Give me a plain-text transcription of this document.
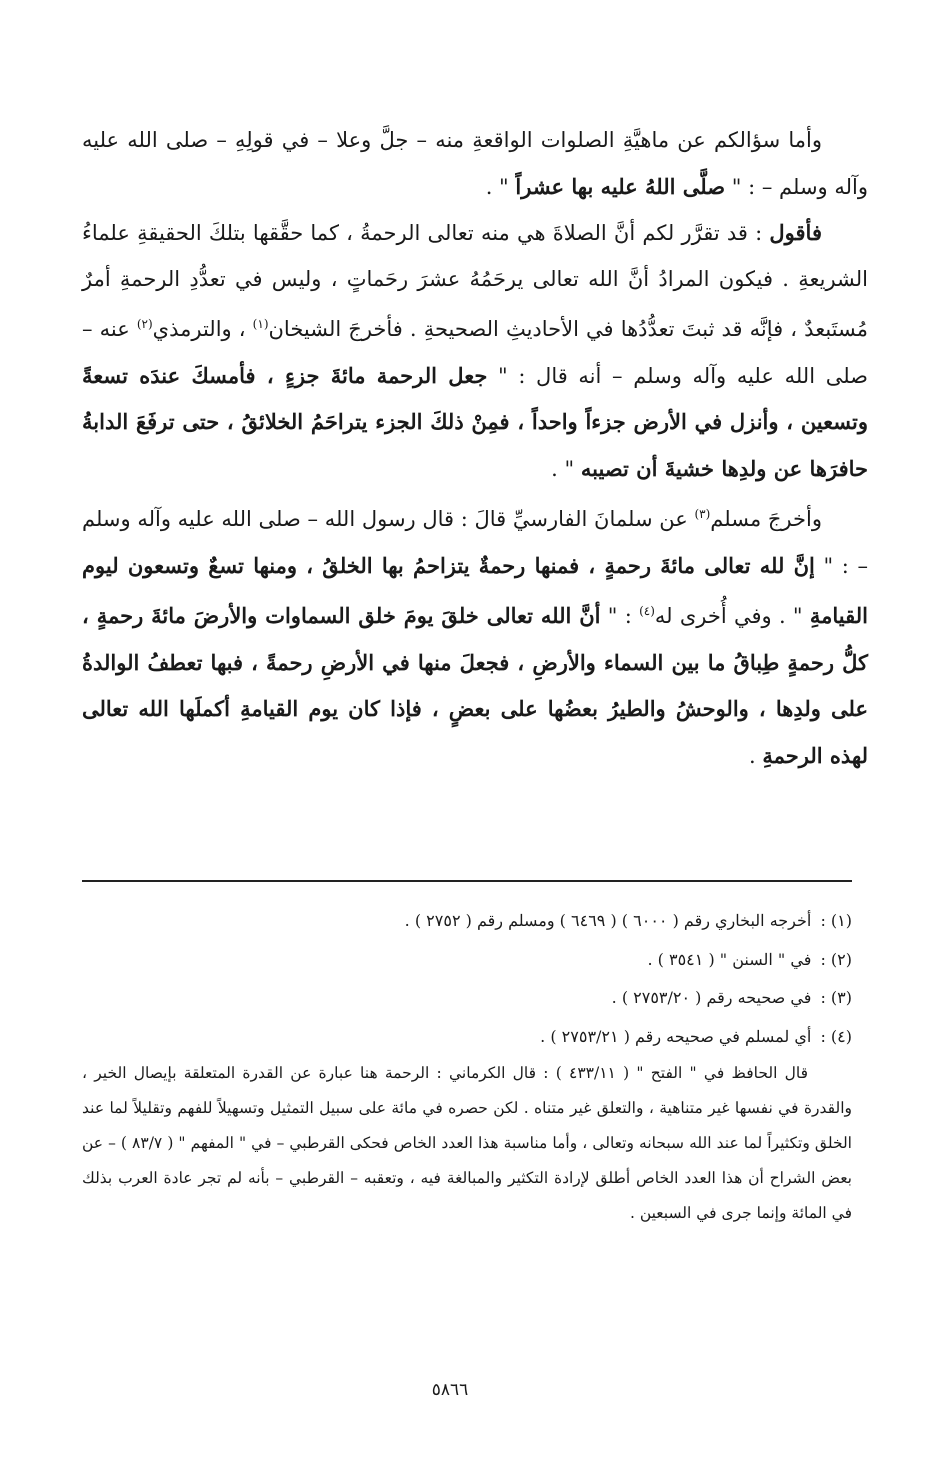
وأما سؤالكم عن ماهيَّةِ الصلوات الواقعةِ منه – جلَّ وعلا – في قولِهِ – صلى الله عليه وآله وسلم – : " صلَّى اللهُ عليه بها عشراً " .

فأقول : قد تقرَّر لكم أنَّ الصلاةَ هي منه تعالى الرحمةُ ، كما حقَّقها بتلكَ الحقيقةِ علماءُ الشريعةِ . فيكون المرادُ أنَّ الله تعالى يرحَمُهُ عشرَ رحَماتٍ ، وليس في تعدُّدِ الرحمةِ أمرٌ مُستَبعدٌ ، فإنَّه قد ثبتَ تعدُّدُها في الأحاديثِ الصحيحةِ . فأخرجَ الشيخان$^{(١)}$ ، والترمذي$^{(٢)}$ عنه – صلى الله عليه وآله وسلم – أنه قال : " جعل الرحمة مائةَ جزءٍ ، فأمسكَ عندَه تسعةً وتسعين ، وأنزل في الأرض جزءاً واحداً ، فمِنْ ذلكَ الجزء يتراحَمُ الخلائقُ ، حتى ترفَعَ الدابةُ حافرَها عن ولدِها خشيةَ أن تصيبه " .

وأخرجَ مسلم$^{(٣)}$ عن سلمانَ الفارسيِّ قالَ : قال رسول الله – صلى الله عليه وآله وسلم – : " إنَّ لله تعالى مائةَ رحمةٍ ، فمنها رحمةٌ يتزاحمُ بها الخلقُ ، ومنها تسعٌ وتسعون ليوم القيامةِ " . وفي أُخرى له$^{(٤)}$ : " أنَّ الله تعالى خلقَ يومَ خلق السماوات والأرضَ مائةَ رحمةٍ ، كلُّ رحمةٍ طِباقُ ما بين السماء والأرضِ ، فجعلَ منها في الأرضِ رحمةً ، فبها تعطفُ الوالدةُ على ولدِها ، والوحشُ والطيرُ بعضُها على بعضٍ ، فإذا كان يوم القيامةِ أكملَها الله تعالى لهذه الرحمةِ .

(١) : أخرجه البخاري رقم ( ٦٠٠٠ ) ( ٦٤٦٩ ) ومسلم رقم ( ٢٧٥٢ ) .

(٢) : في " السنن " ( ٣٥٤١ ) .

(٣) : في صحيحه رقم ( ٢٧٥٣/٢٠ ) .

(٤) : أي لمسلم في صحيحه رقم ( ٢٧٥٣/٢١ ) .

قال الحافظ في " الفتح " ( ٤٣٣/١١ ) : قال الكرماني : الرحمة هنا عبارة عن القدرة المتعلقة بإيصال الخير ، والقدرة في نفسها غير متناهية ، والتعلق غير متناه . لكن حصره في مائة على سبيل التمثيل وتسهيلاً للفهم وتقليلاً لما عند الخلق وتكثيراً لما عند الله سبحانه وتعالى ، وأما مناسبة هذا العدد الخاص فحكى القرطبي – في " المفهم " ( ٨٣/٧ ) – عن بعض الشراح أن هذا العدد الخاص أطلق لإرادة التكثير والمبالغة فيه ، وتعقبه – القرطبي – بأنه لم تجر عادة العرب بذلك في المائة وإنما جرى في السبعين .

٥٨٦٦
